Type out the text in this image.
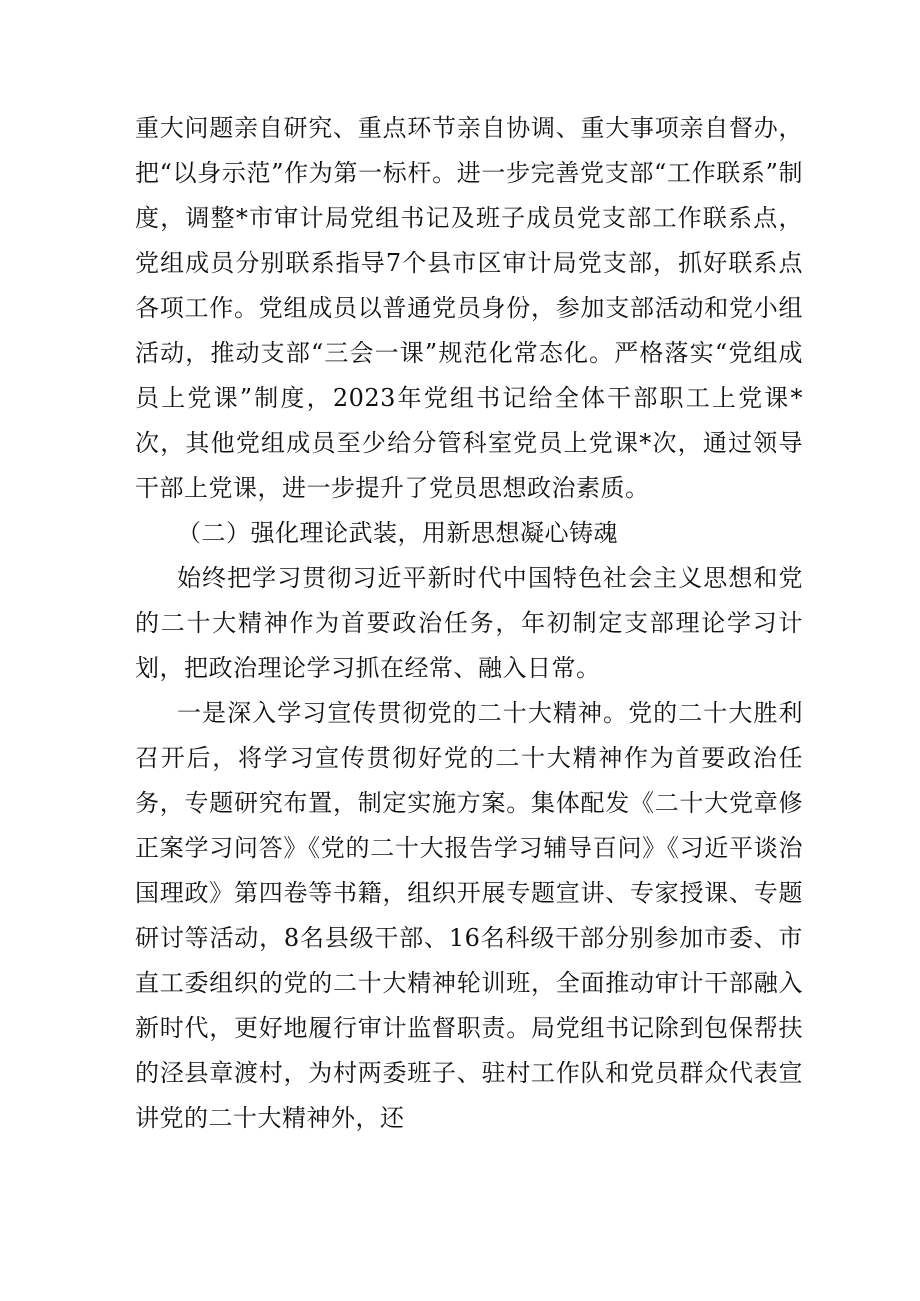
重大问题亲自研究、重点环节亲自协调、重大事项亲自督办，把“以身示范”作为第一标杆。进一步完善党支部“工作联系”制度，调整*市审计局党组书记及班子成员党支部工作联系点，党组成员分别联系指导7个县市区审计局党支部，抓好联系点各项工作。党组成员以普通党员身份，参加支部活动和党小组活动，推动支部“三会一课”规范化常态化。严格落实“党组成员上党课”制度，2023年党组书记给全体干部职工上党课*次，其他党组成员至少给分管科室党员上党课*次，通过领导干部上党课，进一步提升了党员思想政治素质。

（二）强化理论武装，用新思想凝心铸魂

始终把学习贯彻习近平新时代中国特色社会主义思想和党的二十大精神作为首要政治任务，年初制定支部理论学习计划，把政治理论学习抓在经常、融入日常。

一是深入学习宣传贯彻党的二十大精神。党的二十大胜利召开后，将学习宣传贯彻好党的二十大精神作为首要政治任务，专题研究布置，制定实施方案。集体配发《二十大党章修正案学习问答》《党的二十大报告学习辅导百问》《习近平谈治国理政》第四卷等书籍，组织开展专题宣讲、专家授课、专题研讨等活动，8名县级干部、16名科级干部分别参加市委、市直工委组织的党的二十大精神轮训班，全面推动审计干部融入新时代，更好地履行审计监督职责。局党组书记除到包保帮扶的泾县章渡村，为村两委班子、驻村工作队和党员群众代表宣讲党的二十大精神外，还
